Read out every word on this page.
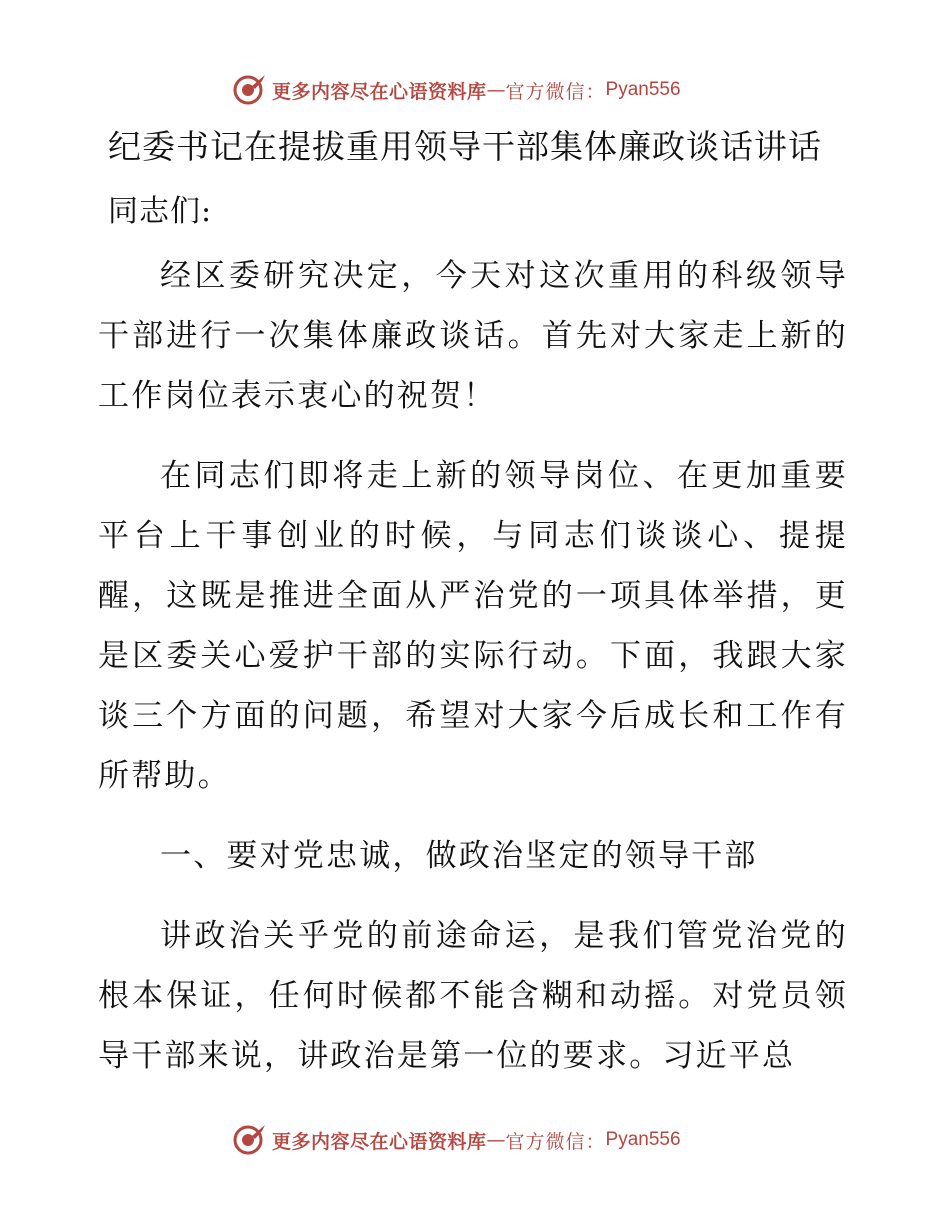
更多内容尽在心语资料库 — 官方微信： Pyan556
纪委书记在提拔重用领导干部集体廉政谈话讲话

同志们:

经区委研究决定，今天对这次重用的科级领导干部进行一次集体廉政谈话。首先对大家走上新的工作岗位表示衷心的祝贺！

在同志们即将走上新的领导岗位、在更加重要平台上干事创业的时候，与同志们谈谈心、提提醒，这既是推进全面从严治党的一项具体举措，更是区委关心爱护干部的实际行动。下面，我跟大家谈三个方面的问题，希望对大家今后成长和工作有所帮助。

一、要对党忠诚，做政治坚定的领导干部

讲政治关乎党的前途命运，是我们管党治党的根本保证，任何时候都不能含糊和动摇。对党员领导干部来说，讲政治是第一位的要求。习近平总

更多内容尽在心语资料库 — 官方微信： Pyan556
